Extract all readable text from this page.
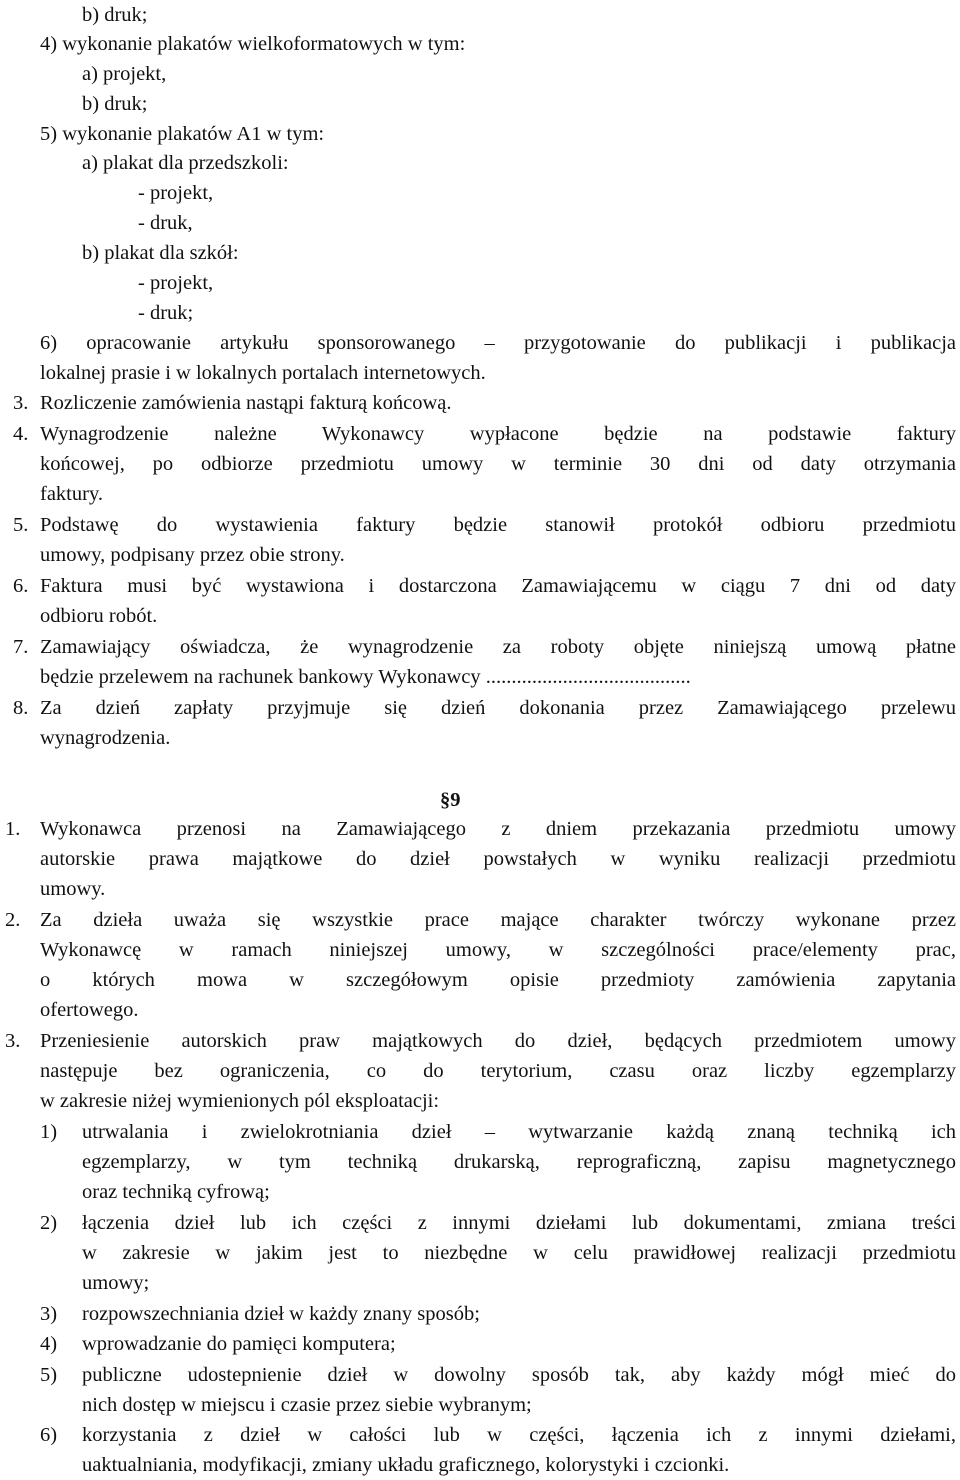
b) druk;
4) wykonanie plakatów wielkoformatowych w tym:
a) projekt,
b) druk;
5) wykonanie plakatów A1 w tym:
a) plakat dla przedszkoli:
- projekt,
- druk,
b) plakat dla szkół:
- projekt,
- druk;
6) opracowanie artykułu sponsorowanego – przygotowanie do publikacji i publikacja
lokalnej prasie i w lokalnych portalach internetowych.
3. Rozliczenie zamówienia nastąpi fakturą końcową.
4. Wynagrodzenie należne Wykonawcy wypłacone będzie na podstawie faktury
końcowej, po odbiorze przedmiotu umowy w terminie 30 dni od daty otrzymania
faktury.
5. Podstawę do wystawienia faktury będzie stanowił protokół odbioru przedmiotu
umowy, podpisany przez obie strony.
6. Faktura musi być wystawiona i dostarczona Zamawiającemu w ciągu 7 dni od daty
odbioru robót.
7. Zamawiający oświadcza, że wynagrodzenie za roboty objęte niniejszą umową płatne
będzie przelewem na rachunek bankowy Wykonawcy ........................................
8. Za dzień zapłaty przyjmuje się dzień dokonania przez Zamawiającego przelewu
wynagrodzenia.
§9
1. Wykonawca przenosi na Zamawiającego z dniem przekazania przedmiotu umowy
autorskie prawa majątkowe do dzieł powstałych w wyniku realizacji przedmiotu
umowy.
2. Za dzieła uważa się wszystkie prace mające charakter twórczy wykonane przez
Wykonawcę w ramach niniejszej umowy, w szczególności prace/elementy prac,
o których mowa w szczegółowym opisie przedmioty zamówienia zapytania
ofertowego.
3. Przeniesienie autorskich praw majątkowych do dzieł, będących przedmiotem umowy
następuje bez ograniczenia, co do terytorium, czasu oraz liczby egzemplarzy
w zakresie niżej wymienionych pól eksploatacji:
1) utrwalania i zwielokrotniania dzieł – wytwarzanie każdą znaną techniką ich
egzemplarzy, w tym techniką drukarską, reprograficzną, zapisu magnetycznego
oraz techniką cyfrową;
2) łączenia dzieł lub ich części z innymi dziełami lub dokumentami, zmiana treści
w zakresie w jakim jest to niezbędne w celu prawidłowej realizacji przedmiotu
umowy;
3) rozpowszechniania dzieł w każdy znany sposób;
4) wprowadzanie do pamięci komputera;
5) publiczne udostepnienie dzieł w dowolny sposób tak, aby każdy mógł mieć do
nich dostęp w miejscu i czasie przez siebie wybranym;
6) korzystania z dzieł w całości lub w części, łączenia ich z innymi dziełami,
uaktualniania, modyfikacji, zmiany układu graficznego, kolorystyki i czcionki.
